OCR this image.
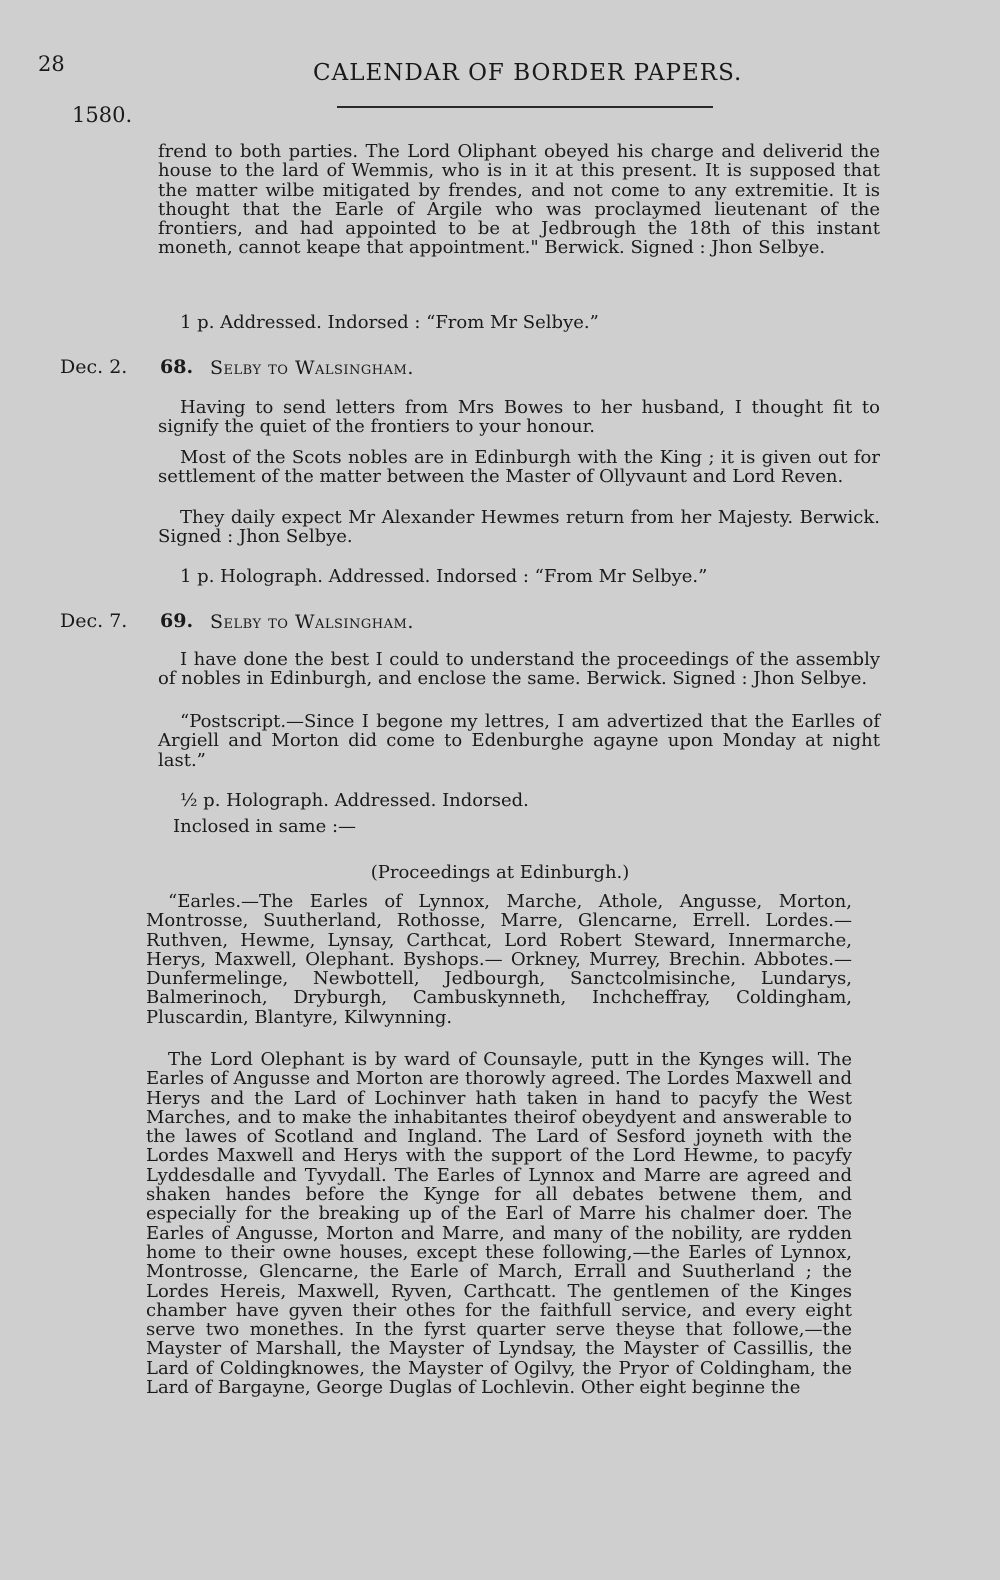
28	CALENDAR OF BORDER PAPERS.
1580.
frend to both parties. The Lord Oliphant obeyed his charge and deliverid the house to the lard of Wemmis, who is in it at this present. It is supposed that the matter wilbe mitigated by frendes, and not come to any extremitie. It is thought that the Earle of Argile who was proclaymed lieutenant of the frontiers, and had appointed to be at Jedbrough the 18th of this instant moneth, cannot keape that appointment." Berwick. Signed : Jhon Selbye.
1 p. Addressed. Indorsed : “From Mr Selbye.”
Dec. 2. 68. Selby to Walsingham.
Having to send letters from Mrs Bowes to her husband, I thought fit to signify the quiet of the frontiers to your honour.
Most of the Scots nobles are in Edinburgh with the King ; it is given out for settlement of the matter between the Master of Ollyvaunt and Lord Reven.
They daily expect Mr Alexander Hewmes return from her Majesty. Berwick. Signed : Jhon Selbye.
1 p. Holograph. Addressed. Indorsed : “From Mr Selbye.”
Dec. 7. 69. Selby to Walsingham.
I have done the best I could to understand the proceedings of the assembly of nobles in Edinburgh, and enclose the same. Berwick. Signed : Jhon Selbye.
“Postscript.—Since I begone my lettres, I am advertized that the Earlles of Argiell and Morton did come to Edenburghe agayne upon Monday at night last.”
½ p. Holograph. Addressed. Indorsed.
Inclosed in same :—
(Proceedings at Edinburgh.)
“Earles.—The Earles of Lynnox, Marche, Athole, Angusse, Morton, Montrosse, Suutherland, Rothosse, Marre, Glencarne, Errell. Lordes.—Ruthven, Hewme, Lynsay, Carthcat, Lord Robert Steward, Innermarche, Herys, Maxwell, Olephant. Byshops.— Orkney, Murrey, Brechin. Abbotes.—Dunfermelinge, Newbottell, Jedbourgh, Sanctcolmisinche, Lundarys, Balmerinoch, Dryburgh, Cambuskynneth, Inchcheffray, Coldingham, Pluscardin, Blantyre, Kilwynning.
The Lord Olephant is by ward of Counsayle, putt in the Kynges will. The Earles of Angusse and Morton are thorowly agreed. The Lordes Maxwell and Herys and the Lard of Lochinver hath taken in hand to pacyfy the West Marches, and to make the inhabitantes theirof obeydyent and answerable to the lawes of Scotland and Ingland. The Lard of Sesford joyneth with the Lordes Maxwell and Herys with the support of the Lord Hewme, to pacyfy Lyddesdalle and Tyvydall. The Earles of Lynnox and Marre are agreed and shaken handes before the Kynge for all debates betwene them, and especially for the breaking up of the Earl of Marre his chalmer doer. The Earles of Angusse, Morton and Marre, and many of the nobility, are rydden home to their owne houses, except these following,—the Earles of Lynnox, Montrosse, Glencarne, the Earle of March, Errall and Suutherland ; the Lordes Hereis, Maxwell, Ryven, Carthcatt. The gentlemen of the Kinges chamber have gyven their othes for the faithfull service, and every eight serve two monethes. In the fyrst quarter serve theyse that followe,—the Mayster of Marshall, the Mayster of Lyndsay, the Mayster of Cassillis, the Lard of Coldingknowes, the Mayster of Ogilvy, the Pryor of Coldingham, the Lard of Bargayne, George Duglas of Lochlevin. Other eight beginne the
